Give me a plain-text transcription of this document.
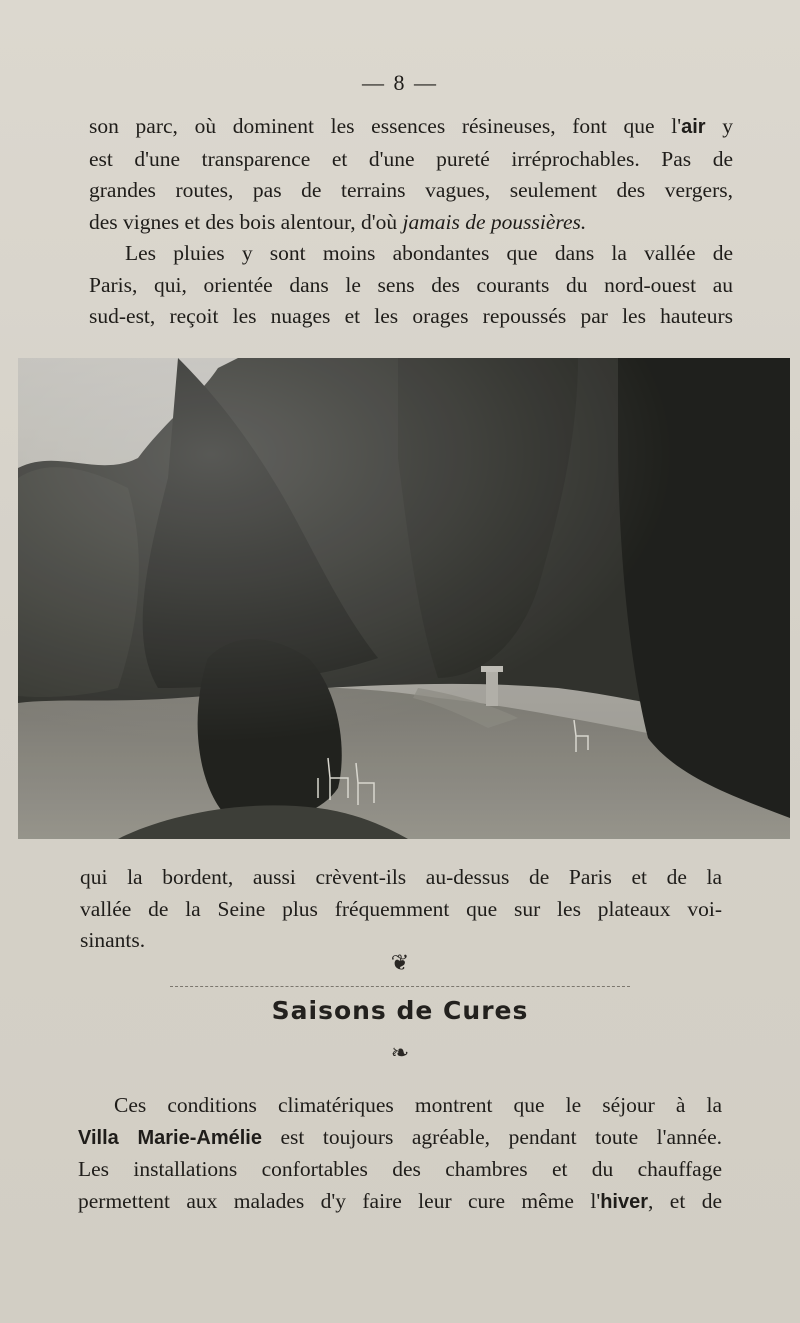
— 8 —

son parc, où dominent les essences résineuses, font que l'air y
est d'une transparence et d'une pureté irréprochables. Pas de
grandes routes, pas de terrains vagues, seulement des vergers,
des vignes et des bois alentour, d'où jamais de poussières.
Les pluies y sont moins abondantes que dans la vallée de
Paris, qui, orientée dans le sens des courants du nord-ouest au
sud-est, reçoit les nuages et les orages repoussés par les hauteurs

qui la bordent, aussi crèvent-ils au-dessus de Paris et de la
vallée de la Seine plus fréquemment que sur les plateaux voi-
sinants.

❦
Saisons de Cures
❧

Ces conditions climatériques montrent que le séjour à la
Villa Marie-Amélie est toujours agréable, pendant toute l'année.
Les installations confortables des chambres et du chauffage
permettent aux malades d'y faire leur cure même l'hiver, et de
